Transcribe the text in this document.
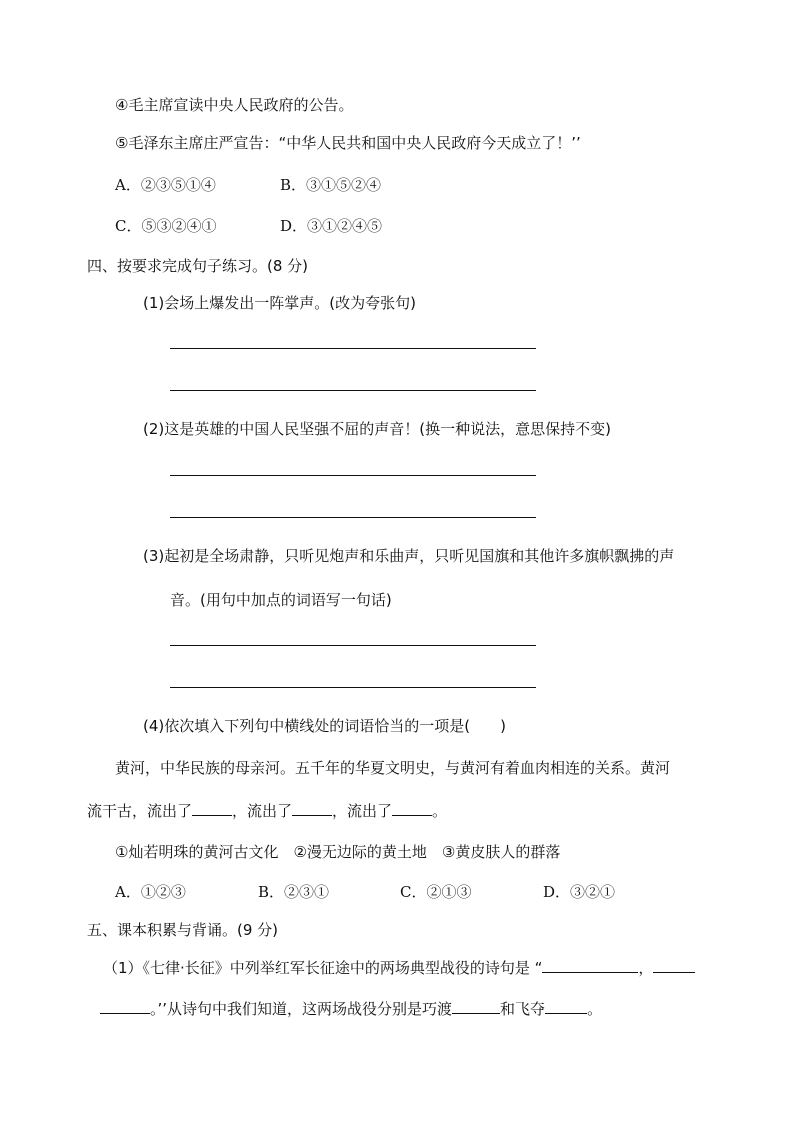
④毛主席宣读中央人民政府的公告。
⑤毛泽东主席庄严宣告：“中华人民共和国中央人民政府今天成立了！’’
A．②③⑤①④	B．③①⑤②④
C．⑤③②④①	D．③①②④⑤
四、按要求完成句子练习。(8 分)
(1)会场上爆发出一阵掌声。(改为夸张句)
(2)这是英雄的中国人民坚强不屈的声音！(换一种说法，意思保持不变)
(3)起初是全场肃静，只听见炮声和乐曲声，只听见国旗和其他许多旗帜飘拂的声
音。(用句中加点的词语写一句话)
(4)依次填入下列句中横线处的词语恰当的一项是(　　)
黄河，中华民族的母亲河。五千年的华夏文明史，与黄河有着血肉相连的关系。黄河
流干古，流出了	，流出了	，流出了	。
①灿若明珠的黄河古文化　②漫无边际的黄土地　③黄皮肤人的群落
A．①②③	B．②③①	C．②①③	D．③②①
五、课本积累与背诵。(9 分)
（1）《七律·长征》中列举红军长征途中的两场典型战役的诗句是 “	，
。’’从诗句中我们知道，这两场战役分别是巧渡	和飞夺	。
